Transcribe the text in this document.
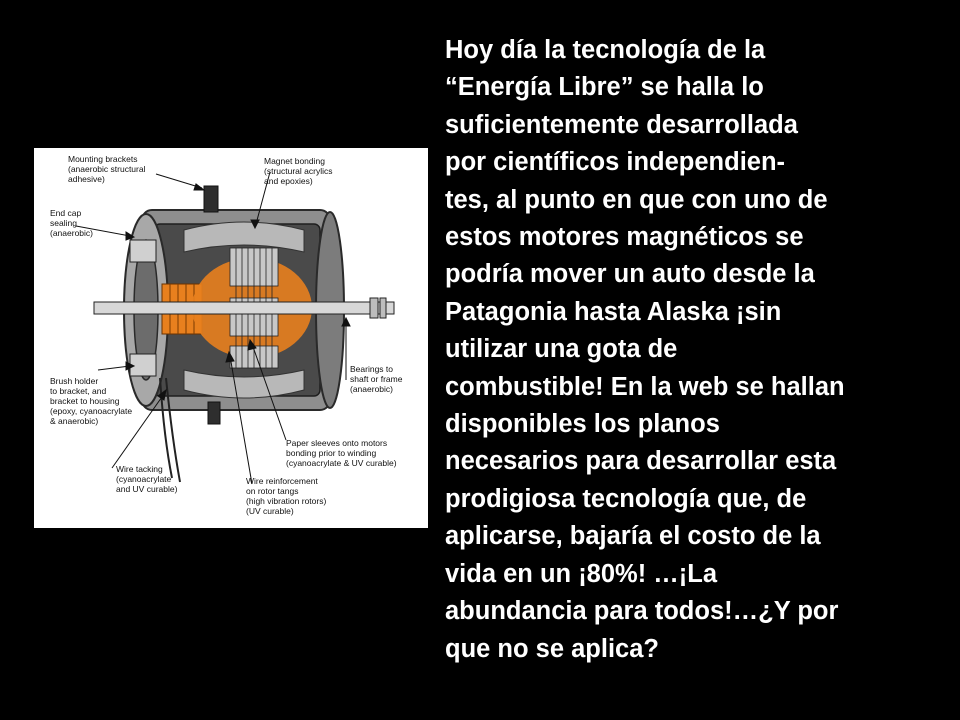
Mounting brackets
(anaerobic structural
adhesive)
Magnet bonding
(structural acrylics
and epoxies)
End cap
sealing
(anaerobic)
Bearings to
shaft or frame
(anaerobic)
Brush holder
to bracket, and
bracket to housing
(epoxy, cyanoacrylate
& anaerobic)
Paper sleeves onto motors
bonding prior to winding
(cyanoacrylate & UV curable)
Wire tacking
(cyanoacrylate
and UV curable)
Wire reinforcement
on rotor tangs
(high vibration rotors)
(UV curable)
Hoy día la tecnología de la
“Energía Libre” se halla lo
suficientemente desarrollada
por científicos independien-
tes, al punto en que con uno de
estos motores magnéticos se
podría mover un auto desde la
Patagonia hasta Alaska ¡sin
utilizar una gota de
combustible! En la web se hallan
disponibles los planos
necesarios para desarrollar esta
prodigiosa tecnología que, de
aplicarse, bajaría el costo de la
vida en un ¡80%! …¡La
abundancia para todos!…¿Y por
que no se aplica?
